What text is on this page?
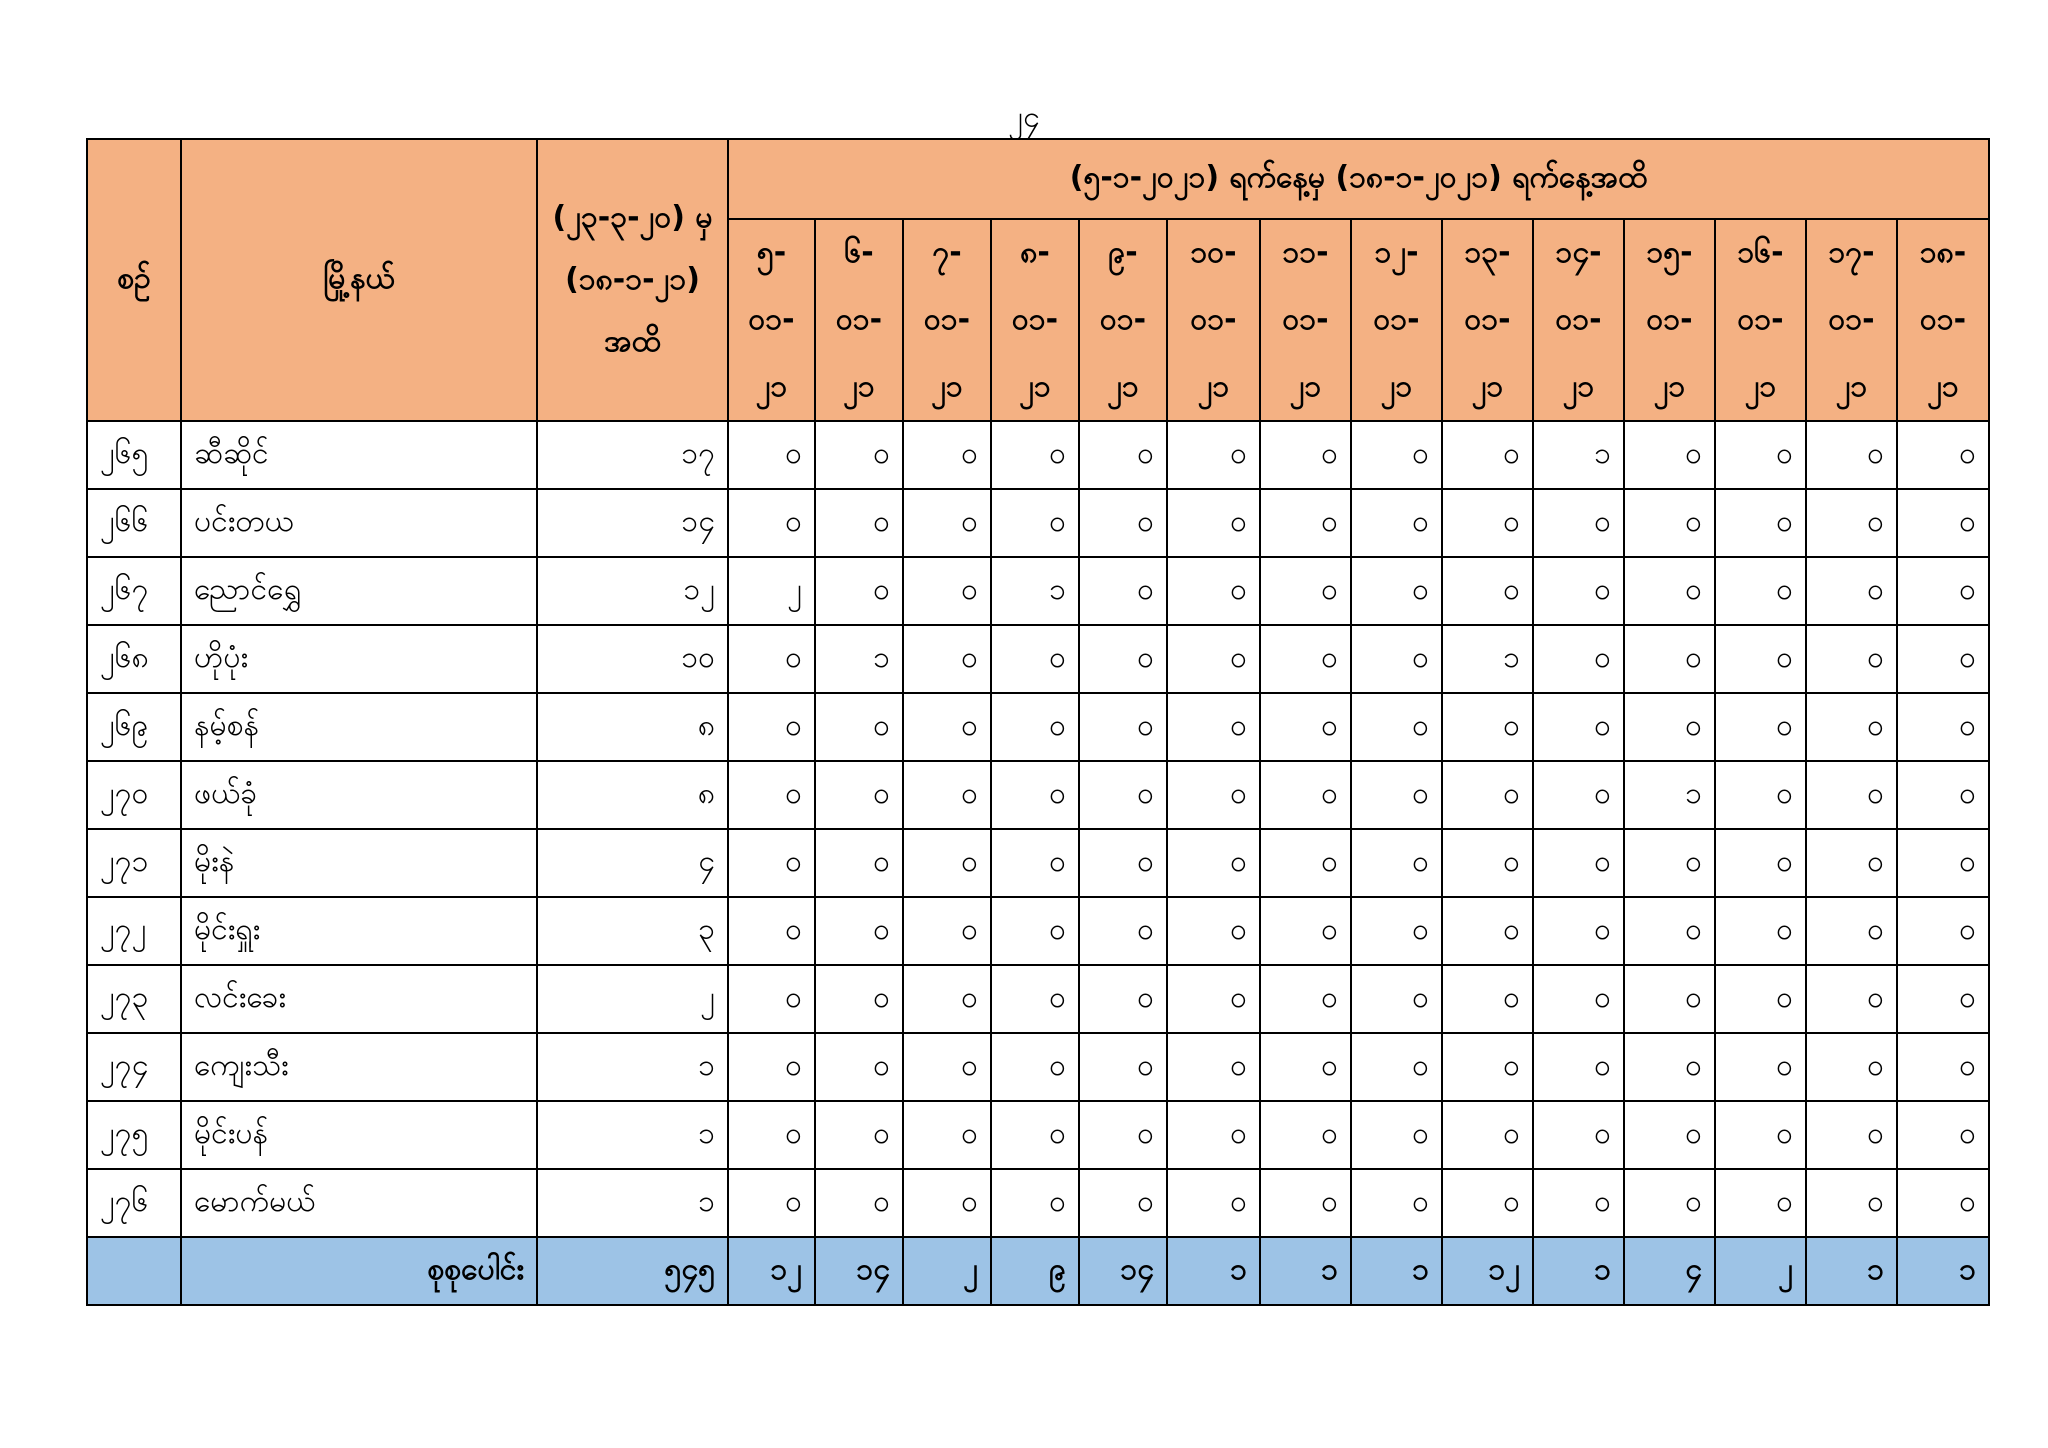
၂၄
စဉ်	မြို့နယ်	(၂၃-၃-၂၀) မှ
(၁၈-၁-၂၁)
အထိ	(၅-၁-၂၀၂၁) ရက်နေ့မှ (၁၈-၁-၂၀၂၁) ရက်နေ့အထိ													

			၅-
၀၁-
၂၁	၆-
၀၁-
၂၁	၇-
၀၁-
၂၁	၈-
၀၁-
၂၁	၉-
၀၁-
၂၁	၁၀-
၀၁-
၂၁	၁၁-
၀၁-
၂၁	၁၂-
၀၁-
၂၁	၁၃-
၀၁-
၂၁	၁၄-
၀၁-
၂၁	၁၅-
၀၁-
၂၁	၁၆-
၀၁-
၂၁	၁၇-
၀၁-
၂၁	၁၈-
၀၁-
၂၁

၂၆၅	ဆီဆိုင်	၁၇	၀	၀	၀	၀	၀	၀	၀	၀	၀	၁	၀	၀	၀	၀
၂၆၆	ပင်းတယ	၁၄	၀	၀	၀	၀	၀	၀	၀	၀	၀	၀	၀	၀	၀	၀
၂၆၇	ညောင်ရွှေ	၁၂	၂	၀	၀	၁	၀	၀	၀	၀	၀	၀	၀	၀	၀	၀
၂၆၈	ဟိုပုံး	၁၀	၀	၁	၀	၀	၀	၀	၀	၀	၁	၀	၀	၀	၀	၀
၂၆၉	နမ့်စန်	၈	၀	၀	၀	၀	၀	၀	၀	၀	၀	၀	၀	၀	၀	၀
၂၇၀	ဖယ်ခုံ	၈	၀	၀	၀	၀	၀	၀	၀	၀	၀	၀	၁	၀	၀	၀
၂၇၁	မိုးနဲ	၄	၀	၀	၀	၀	၀	၀	၀	၀	၀	၀	၀	၀	၀	၀
၂၇၂	မိုင်းရှူး	၃	၀	၀	၀	၀	၀	၀	၀	၀	၀	၀	၀	၀	၀	၀
၂၇၃	လင်းခေး	၂	၀	၀	၀	၀	၀	၀	၀	၀	၀	၀	၀	၀	၀	၀
၂၇၄	ကျေးသီး	၁	၀	၀	၀	၀	၀	၀	၀	၀	၀	၀	၀	၀	၀	၀
၂၇၅	မိုင်းပန်	၁	၀	၀	၀	၀	၀	၀	၀	၀	၀	၀	၀	၀	၀	၀
၂၇၆	မောက်မယ်	၁	၀	၀	၀	၀	၀	၀	၀	၀	၀	၀	၀	၀	၀	၀
	စုစုပေါင်း	၅၄၅	၁၂	၁၄	၂	၉	၁၄	၁	၁	၁	၁၂	၁	၄	၂	၁	၁
